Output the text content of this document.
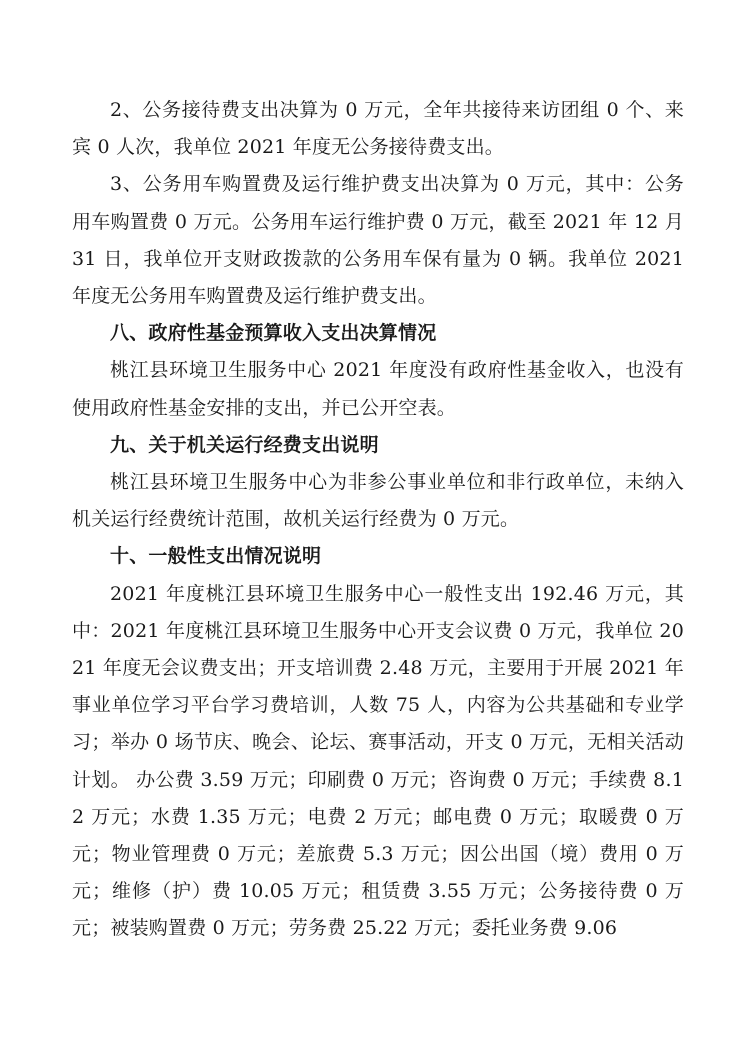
2、公务接待费支出决算为 0 万元，全年共接待来访团组 0 个、来宾 0 人次，我单位 2021 年度无公务接待费支出。

3、公务用车购置费及运行维护费支出决算为 0 万元，其中：公务用车购置费 0 万元。公务用车运行维护费 0 万元，截至 2021 年 12 月 31 日，我单位开支财政拨款的公务用车保有量为 0 辆。我单位 2021 年度无公务用车购置费及运行维护费支出。

八、政府性基金预算收入支出决算情况

桃江县环境卫生服务中心 2021 年度没有政府性基金收入，也没有使用政府性基金安排的支出，并已公开空表。

九、关于机关运行经费支出说明

桃江县环境卫生服务中心为非参公事业单位和非行政单位，未纳入机关运行经费统计范围，故机关运行经费为 0 万元。

十、一般性支出情况说明

2021 年度桃江县环境卫生服务中心一般性支出 192.46 万元，其中：2021 年度桃江县环境卫生服务中心开支会议费 0 万元，我单位 2021 年度无会议费支出；开支培训费 2.48 万元，主要用于开展 2021 年事业单位学习平台学习费培训，人数 75 人，内容为公共基础和专业学习；举办 0 场节庆、晚会、论坛、赛事活动，开支 0 万元，无相关活动计划。 办公费 3.59 万元；印刷费 0 万元；咨询费 0 万元；手续费 8.12 万元；水费 1.35 万元；电费 2 万元；邮电费 0 万元；取暖费 0 万元；物业管理费 0 万元；差旅费 5.3 万元；因公出国（境）费用 0 万元；维修（护）费 10.05 万元；租赁费 3.55 万元；公务接待费 0 万元；被装购置费 0 万元；劳务费 25.22 万元；委托业务费 9.06
